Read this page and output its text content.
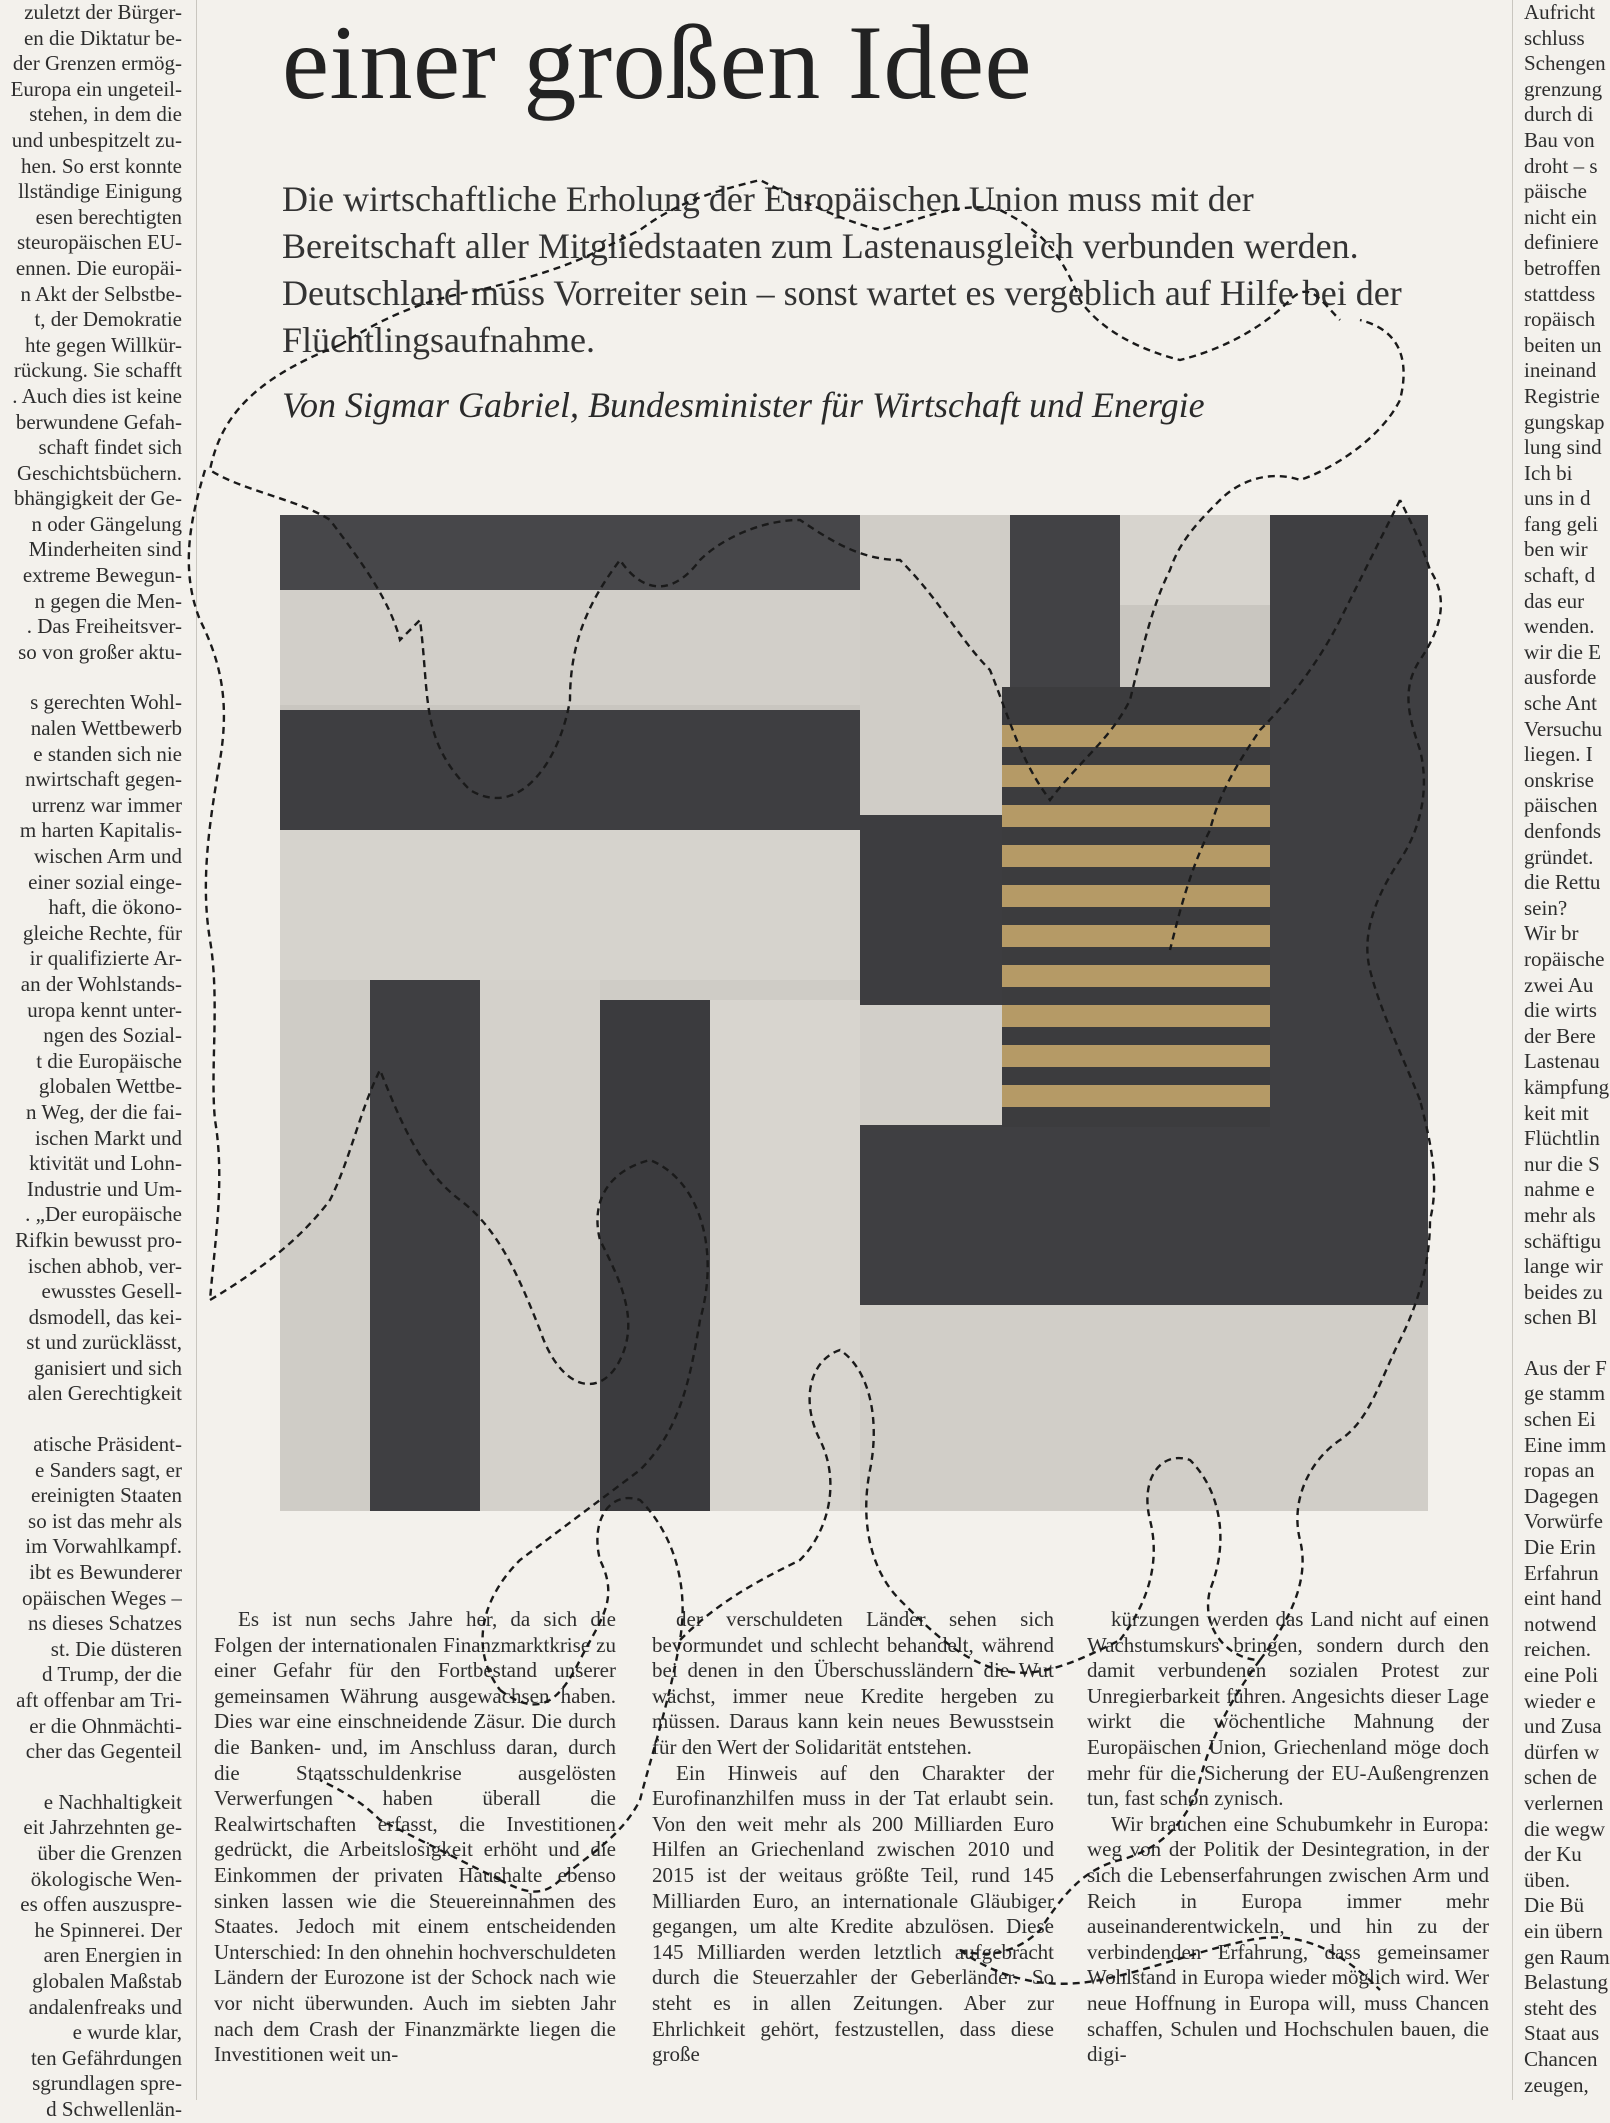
zuletzt der Bürger-

en die Diktatur be-

der Grenzen ermög-

Europa ein ungeteil-

stehen, in dem die

und unbespitzelt zu-

hen. So erst konnte

llständige Einigung

esen berechtigten

steuropäischen EU-

ennen. Die europäi-

n Akt der Selbstbe-

t, der Demokratie

hte gegen Willkür-

rückung. Sie schafft

. Auch dies ist keine

berwundene Gefah-

schaft findet sich

Geschichtsbüchern.

bhängigkeit der Ge-

n oder Gängelung

Minderheiten sind

extreme Bewegun-

n gegen die Men-

. Das Freiheitsver-

so von großer aktu-

s gerechten Wohl-

nalen Wettbewerb

e standen sich nie

nwirtschaft gegen-

urrenz war immer

m harten Kapitalis-

wischen Arm und

einer sozial einge-

haft, die ökono-

gleiche Rechte, für

ir qualifizierte Ar-

an der Wohlstands-

uropa kennt unter-

ngen des Sozial-

t die Europäische

globalen Wettbe-

n Weg, der die fai-

ischen Markt und

ktivität und Lohn-

Industrie und Um-

. „Der europäische

Rifkin bewusst pro-

ischen abhob, ver-

ewusstes Gesell-

dsmodell, das kei-

st und zurücklässt,

ganisiert und sich

alen Gerechtigkeit

atische Präsident-

e Sanders sagt, er

ereinigten Staaten

so ist das mehr als

im Vorwahlkampf.

ibt es Bewunderer

opäischen Weges –

ns dieses Schatzes

st. Die düsteren

d Trump, der die

aft offenbar am Tri-

er die Ohnmächti-

cher das Gegenteil

e Nachhaltigkeit

eit Jahrzehnten ge-

über die Grenzen

ökologische Wen-

es offen auszuspre-

he Spinnerei. Der

aren Energien in

globalen Maßstab

andalenfreaks und

e wurde klar,

ten Gefährdungen

sgrundlagen spre-

d Schwellenlän-

Aufricht

schluss

Schengen

grenzung

durch di

Bau von

droht – s

päische

nicht ein

definiere

betroffen

stattdess

ropäisch

beiten un

ineinand

Registrie

gungskap

lung sind

Ich bi

uns in d

fang geli

ben wir

schaft, d

das eur

wenden.

wir die E

ausforde

sche Ant

Versuchu

liegen. I

onskrise

päischen

denfonds

gründet.

die Rettu

sein?

Wir br

ropäische

zwei Au

die wirts

der Bere

Lastenau

kämpfung

keit mit

Flüchtlin

nur die S

nahme e

mehr als

schäftigu

lange wir

beides zu

schen Bl

Aus der F

ge stamm

schen Ei

Eine imm

ropas an

Dagegen

Vorwürfe

Die Erin

Erfahrun

eint hand

notwend

reichen.

eine Poli

wieder e

und Zusa

dürfen w

schen de

verlernen

die wegw

der Ku

üben.

Die Bü

ein übern

gen Raum

Belastung

steht des

Staat aus

Chancen

zeugen,

einer großen Idee

Die wirtschaftliche Erholung der Europäischen Union muss mit der Bereitschaft aller Mitgliedstaaten zum Lastenausgleich verbunden werden. Deutschland muss Vorreiter sein – sonst wartet es vergeblich auf Hilfe bei der Flüchtlingsaufnahme.

Von Sigmar Gabriel, Bundesminister für Wirtschaft und Energie

Es ist nun sechs Jahre her, da sich die Folgen der internationalen Finanzmarktkrise zu einer Gefahr für den Fortbestand unserer gemeinsamen Währung ausgewachsen haben. Dies war eine einschneidende Zäsur. Die durch die Banken- und, im Anschluss daran, durch die Staatsschuldenkrise ausgelösten Verwerfungen haben überall die Realwirtschaften erfasst, die Investitionen gedrückt, die Arbeitslosigkeit erhöht und die Einkommen der privaten Haushalte ebenso sinken lassen wie die Steuereinnahmen des Staates. Jedoch mit einem entscheidenden Unterschied: In den ohnehin hochverschuldeten Ländern der Eurozone ist der Schock nach wie vor nicht überwunden. Auch im siebten Jahr nach dem Crash der Finanzmärkte liegen die Investitionen weit un-

der verschuldeten Länder sehen sich bevormundet und schlecht behandelt, während bei denen in den Überschussländern die Wut wächst, immer neue Kredite hergeben zu müssen. Daraus kann kein neues Bewusstsein für den Wert der Solidarität entstehen.

Ein Hinweis auf den Charakter der Eurofinanzhilfen muss in der Tat erlaubt sein. Von den weit mehr als 200 Milliarden Euro Hilfen an Griechenland zwischen 2010 und 2015 ist der weitaus größte Teil, rund 145 Milliarden Euro, an internationale Gläubiger gegangen, um alte Kredite abzulösen. Diese 145 Milliarden werden letztlich aufgebracht durch die Steuerzahler der Geberländer. So steht es in allen Zeitungen. Aber zur Ehrlichkeit gehört, festzustellen, dass diese große

kürzungen werden das Land nicht auf einen Wachstumskurs bringen, sondern durch den damit verbundenen sozialen Protest zur Unregierbarkeit führen. Angesichts dieser Lage wirkt die wöchentliche Mahnung der Europäischen Union, Griechenland möge doch mehr für die Sicherung der EU-Außengrenzen tun, fast schon zynisch.

Wir brauchen eine Schubumkehr in Europa: weg von der Politik der Desintegration, in der sich die Lebenserfahrungen zwischen Arm und Reich in Europa immer mehr auseinanderentwickeln, und hin zu der verbindenden Erfahrung, dass gemeinsamer Wohlstand in Europa wieder möglich wird. Wer neue Hoffnung in Europa will, muss Chancen schaffen, Schulen und Hochschulen bauen, die digi-
